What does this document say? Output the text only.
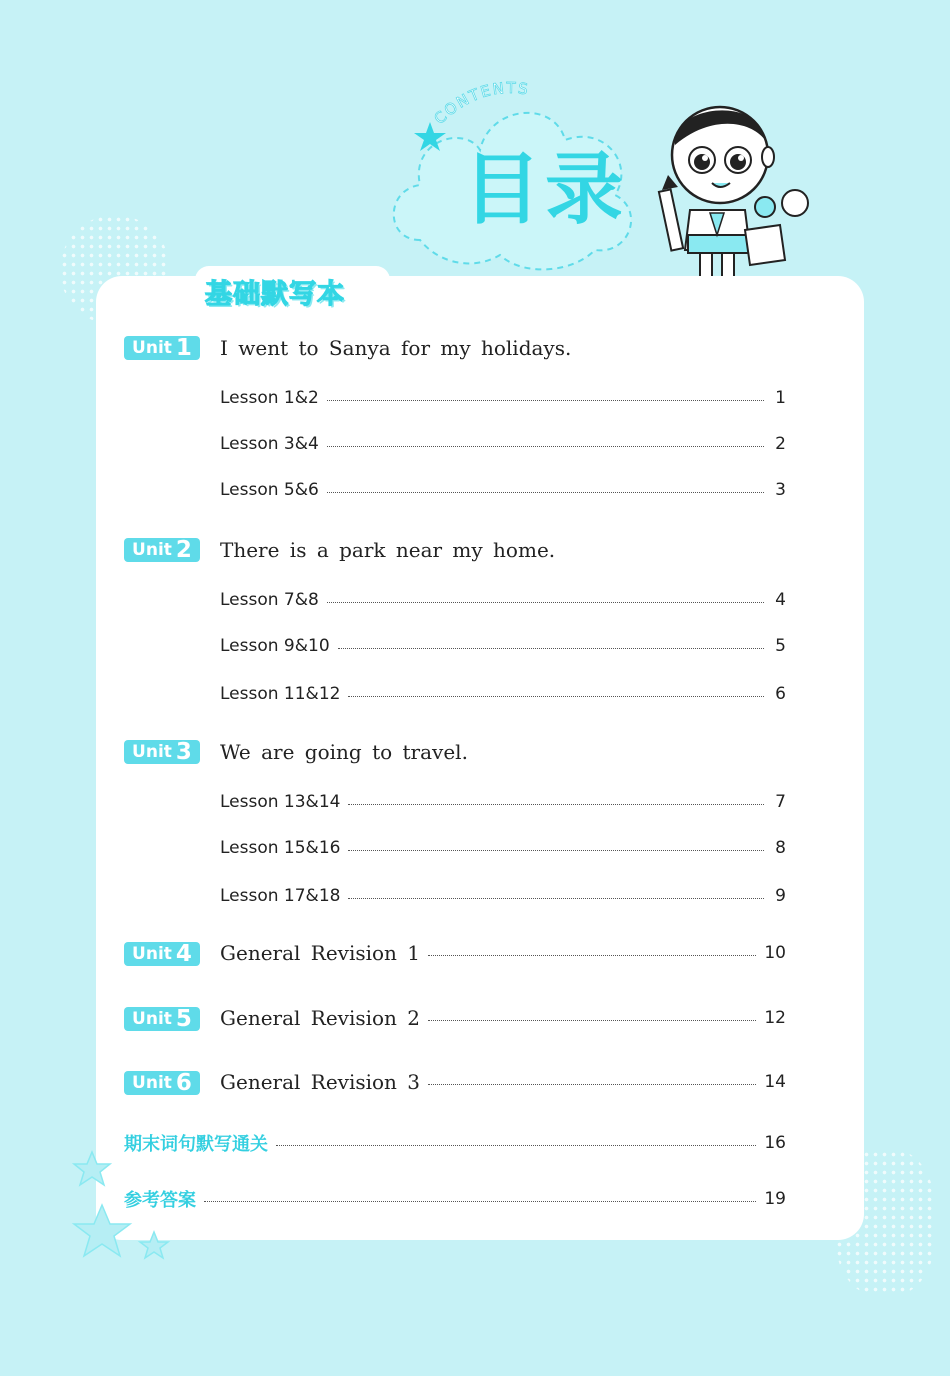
CONTENTS
目录
基础默写本
Unit 1 I went to Sanya for my holidays.
Lesson 1&2	1
Lesson 3&4	2
Lesson 5&6	3
Unit 2 There is a park near my home.
Lesson 7&8	4
Lesson 9&10	5
Lesson 11&12	6
Unit 3 We are going to travel.
Lesson 13&14	7
Lesson 15&16	8
Lesson 17&18	9
Unit 4 General Revision 1	10
Unit 5 General Revision 2	12
Unit 6 General Revision 3	14
期末词句默写通关	16
参考答案	19
